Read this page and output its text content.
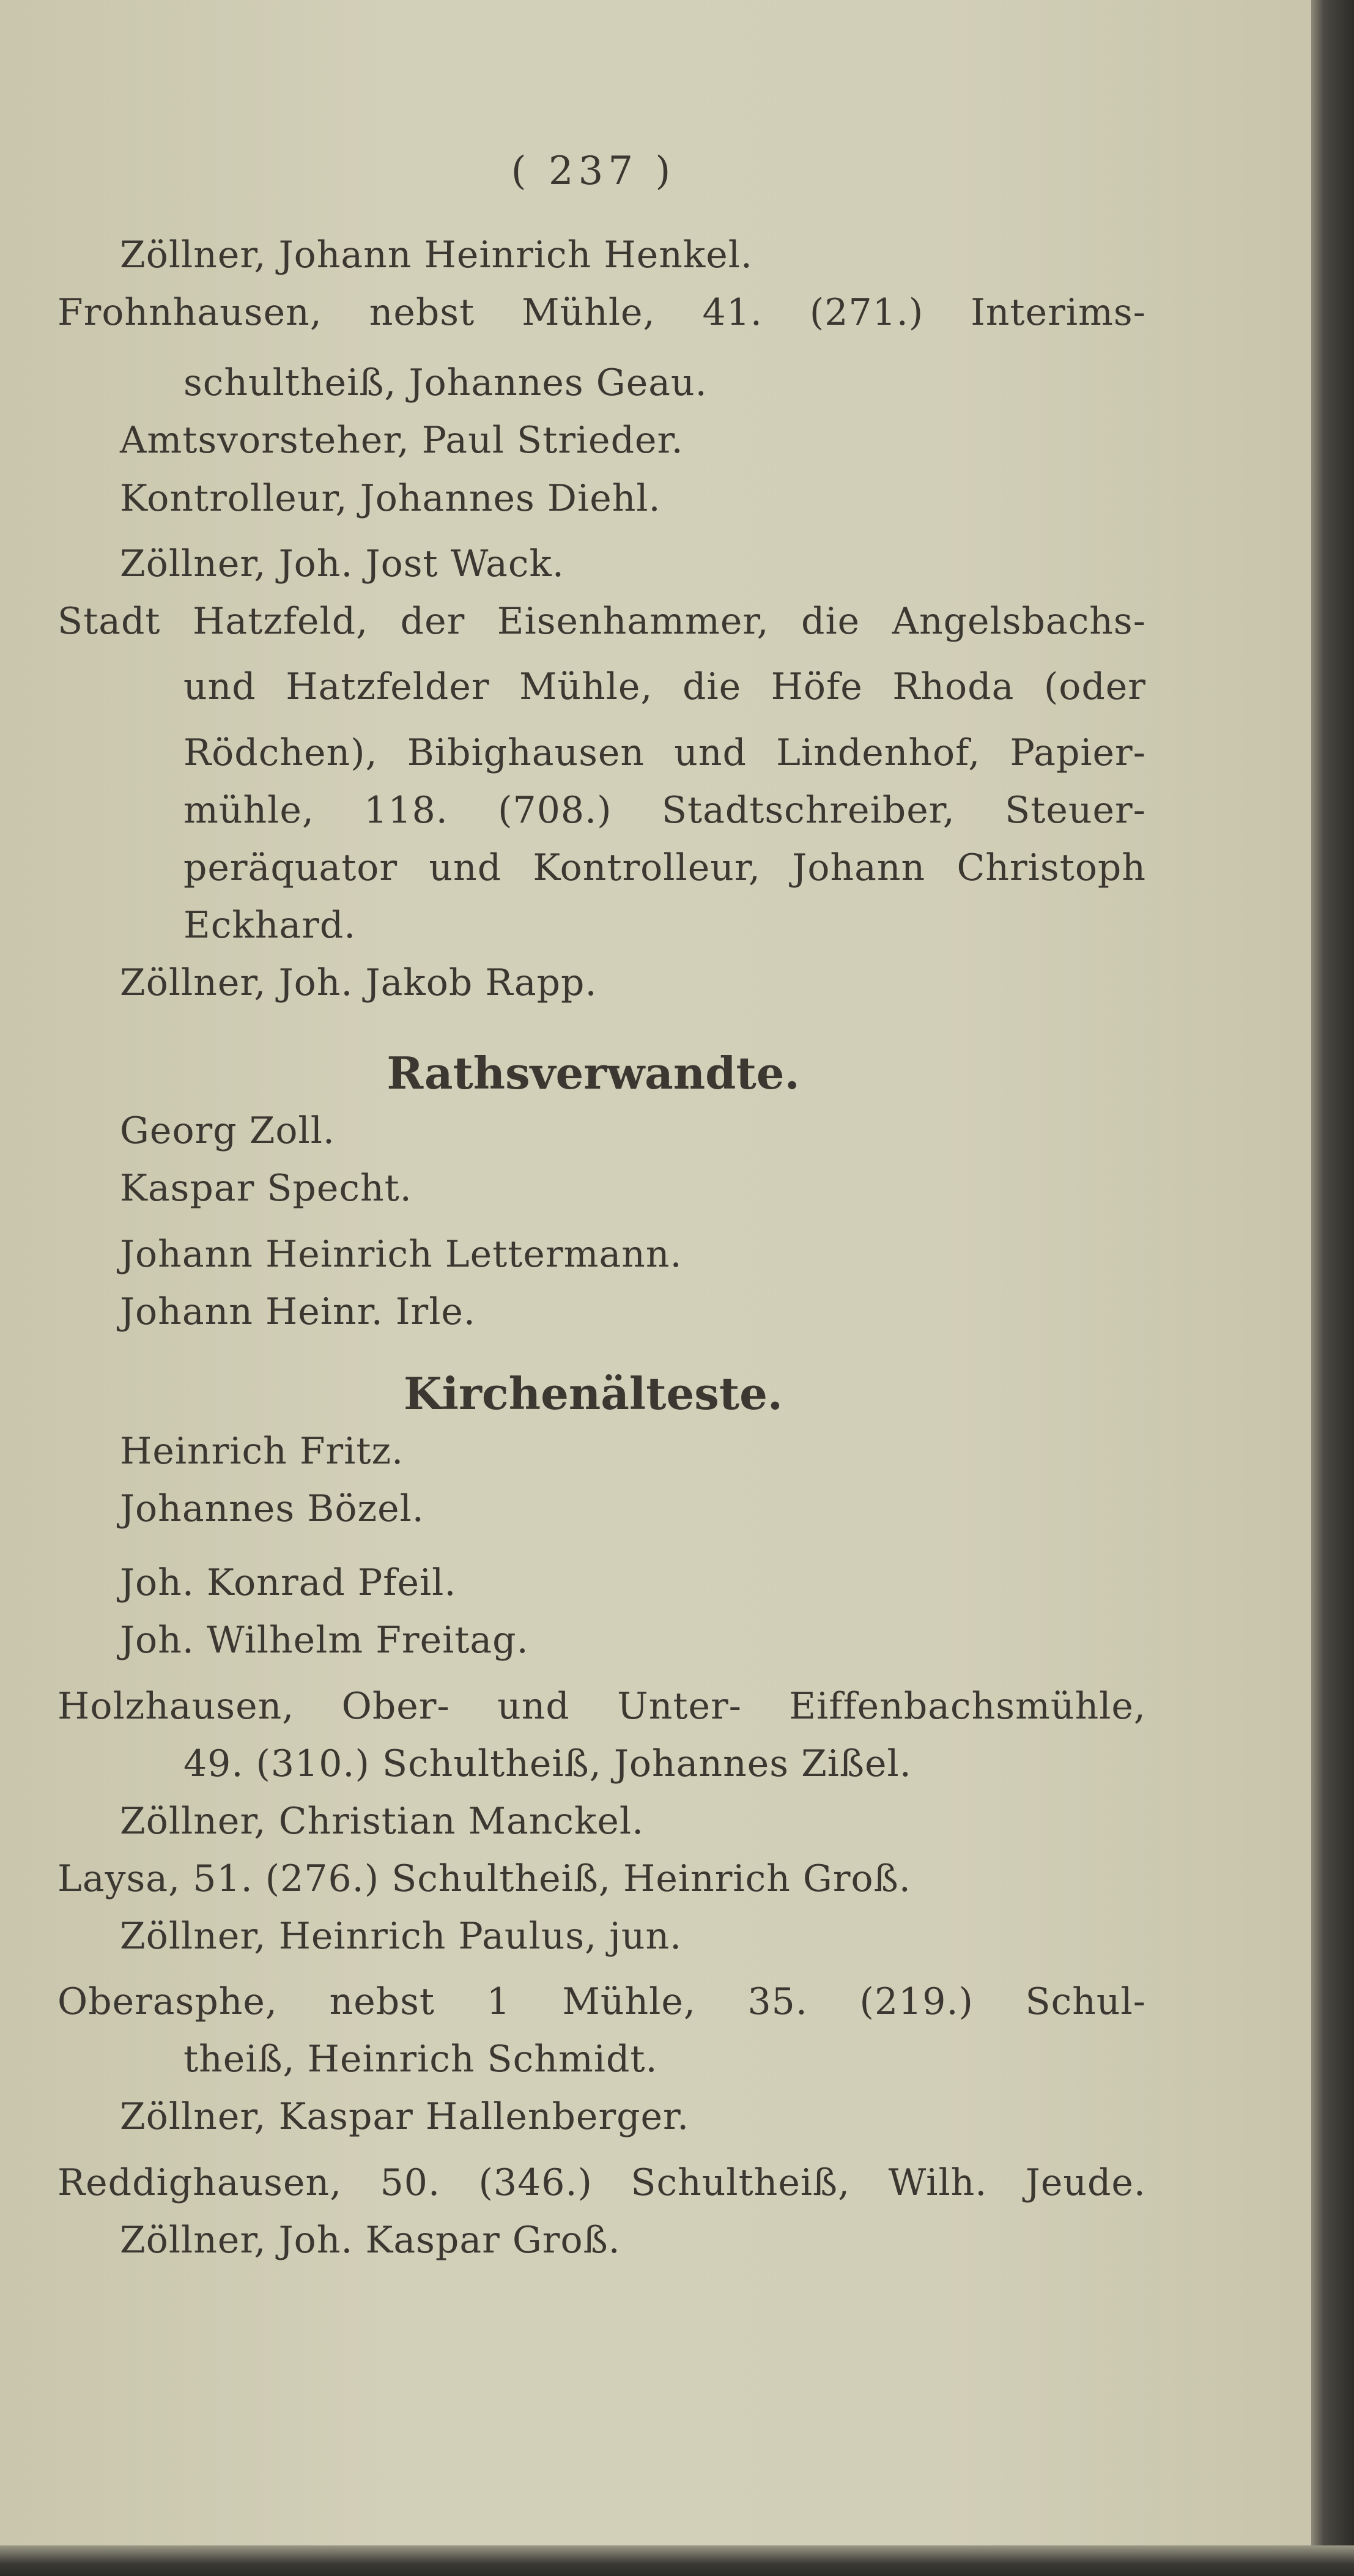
( 237 )
Zöllner, Johann Heinrich Henkel.
Frohnhausen, nebst Mühle, 41. (271.) Interims-
schultheiß, Johannes Geau.
Amtsvorsteher, Paul Strieder.
Kontrolleur, Johannes Diehl.
Zöllner, Joh. Jost Wack.
Stadt Hatzfeld, der Eisenhammer, die Angelsbachs-
und Hatzfelder Mühle, die Höfe Rhoda (oder
Rödchen), Bibighausen und Lindenhof, Papier-
mühle, 118. (708.) Stadtschreiber, Steuer-
peräquator und Kontrolleur, Johann Christoph
Eckhard.
Zöllner, Joh. Jakob Rapp.
Rathsverwandte.
Georg Zoll.
Kaspar Specht.
Johann Heinrich Lettermann.
Johann Heinr. Irle.
Kirchenälteste.
Heinrich Fritz.
Johannes Bözel.
Joh. Konrad Pfeil.
Joh. Wilhelm Freitag.
Holzhausen, Ober- und Unter- Eiffenbachsmühle,
49. (310.) Schultheiß, Johannes Zißel.
Zöllner, Christian Manckel.
Laysa, 51. (276.) Schultheiß, Heinrich Groß.
Zöllner, Heinrich Paulus, jun.
Oberasphe, nebst 1 Mühle, 35. (219.) Schul-
theiß, Heinrich Schmidt.
Zöllner, Kaspar Hallenberger.
Reddighausen, 50. (346.) Schultheiß, Wilh. Jeude.
Zöllner, Joh. Kaspar Groß.
